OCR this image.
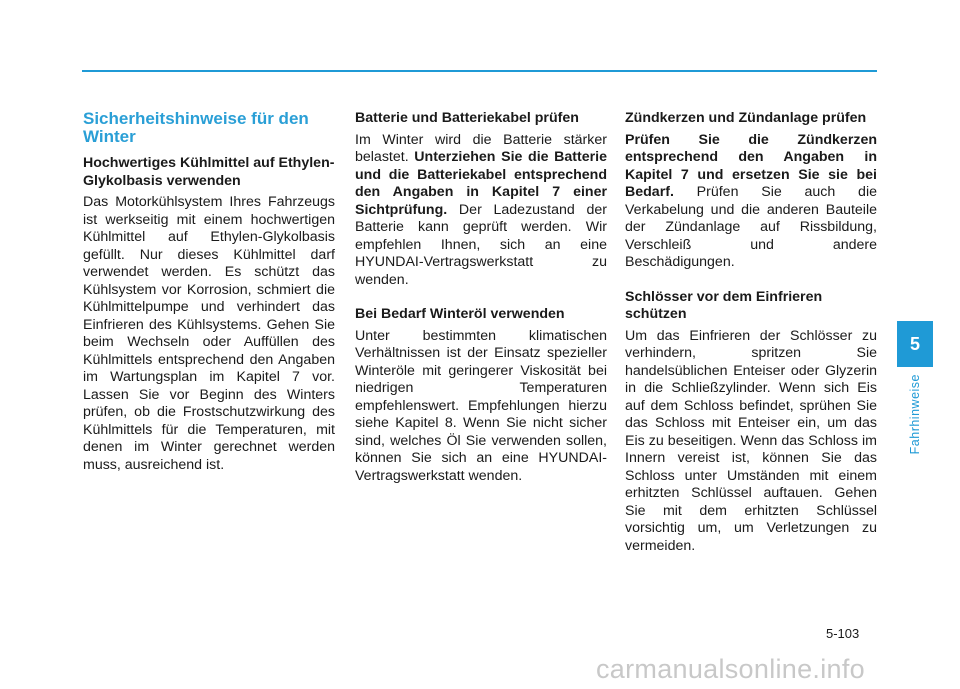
Sicherheitshinweise für den Winter
Hochwertiges Kühlmittel auf Ethylen-Glykolbasis verwenden

Das Motorkühlsystem Ihres Fahrzeugs ist werkseitig mit einem hochwertigen Kühlmittel auf Ethylen-Glykolbasis gefüllt. Nur dieses Kühlmittel darf verwendet werden. Es schützt das Kühlsystem vor Korrosion, schmiert die Kühlmittelpumpe und verhindert das Einfrieren des Kühlsystems. Gehen Sie beim Wechseln oder Auffüllen des Kühlmittels entsprechend den Angaben im Wartungsplan im Kapitel 7 vor. Lassen Sie vor Beginn des Winters prüfen, ob die Frostschutzwirkung des Kühlmittels für die Temperaturen, mit denen im Winter gerechnet werden muss, ausreichend ist.

Batterie und Batteriekabel prüfen

Im Winter wird die Batterie stärker belastet. Unterziehen Sie die Batterie und die Batteriekabel entsprechend den Angaben in Kapitel 7 einer Sichtprüfung. Der Ladezustand der Batterie kann geprüft werden. Wir empfehlen Ihnen, sich an eine HYUNDAI-Vertragswerkstatt zu wenden.

Bei Bedarf Winteröl verwenden

Unter bestimmten klimatischen Verhältnissen ist der Einsatz spezieller Winteröle mit geringerer Viskosität bei niedrigen Temperaturen empfehlenswert. Empfehlungen hierzu siehe Kapitel 8. Wenn Sie nicht sicher sind, welches Öl Sie verwenden sollen, können Sie sich an eine HYUNDAI-Vertragswerkstatt wenden.

Zündkerzen und Zündanlage prüfen

Prüfen Sie die Zündkerzen entsprechend den Angaben in Kapitel 7 und ersetzen Sie sie bei Bedarf. Prüfen Sie auch die Verkabelung und die anderen Bauteile der Zündanlage auf Rissbildung, Verschleiß und andere Beschädigungen.

Schlösser vor dem Einfrieren schützen

Um das Einfrieren der Schlösser zu verhindern, spritzen Sie handelsüblichen Enteiser oder Glyzerin in die Schließzylinder. Wenn sich Eis auf dem Schloss befindet, sprühen Sie das Schloss mit Enteiser ein, um das Eis zu beseitigen. Wenn das Schloss im Innern vereist ist, können Sie das Schloss unter Umständen mit einem erhitzten Schlüssel auftauen. Gehen Sie mit dem erhitzten Schlüssel vorsichtig um, um Verletzungen zu vermeiden.

5
Fahrhinweise
5-103
carmanualsonline.info
